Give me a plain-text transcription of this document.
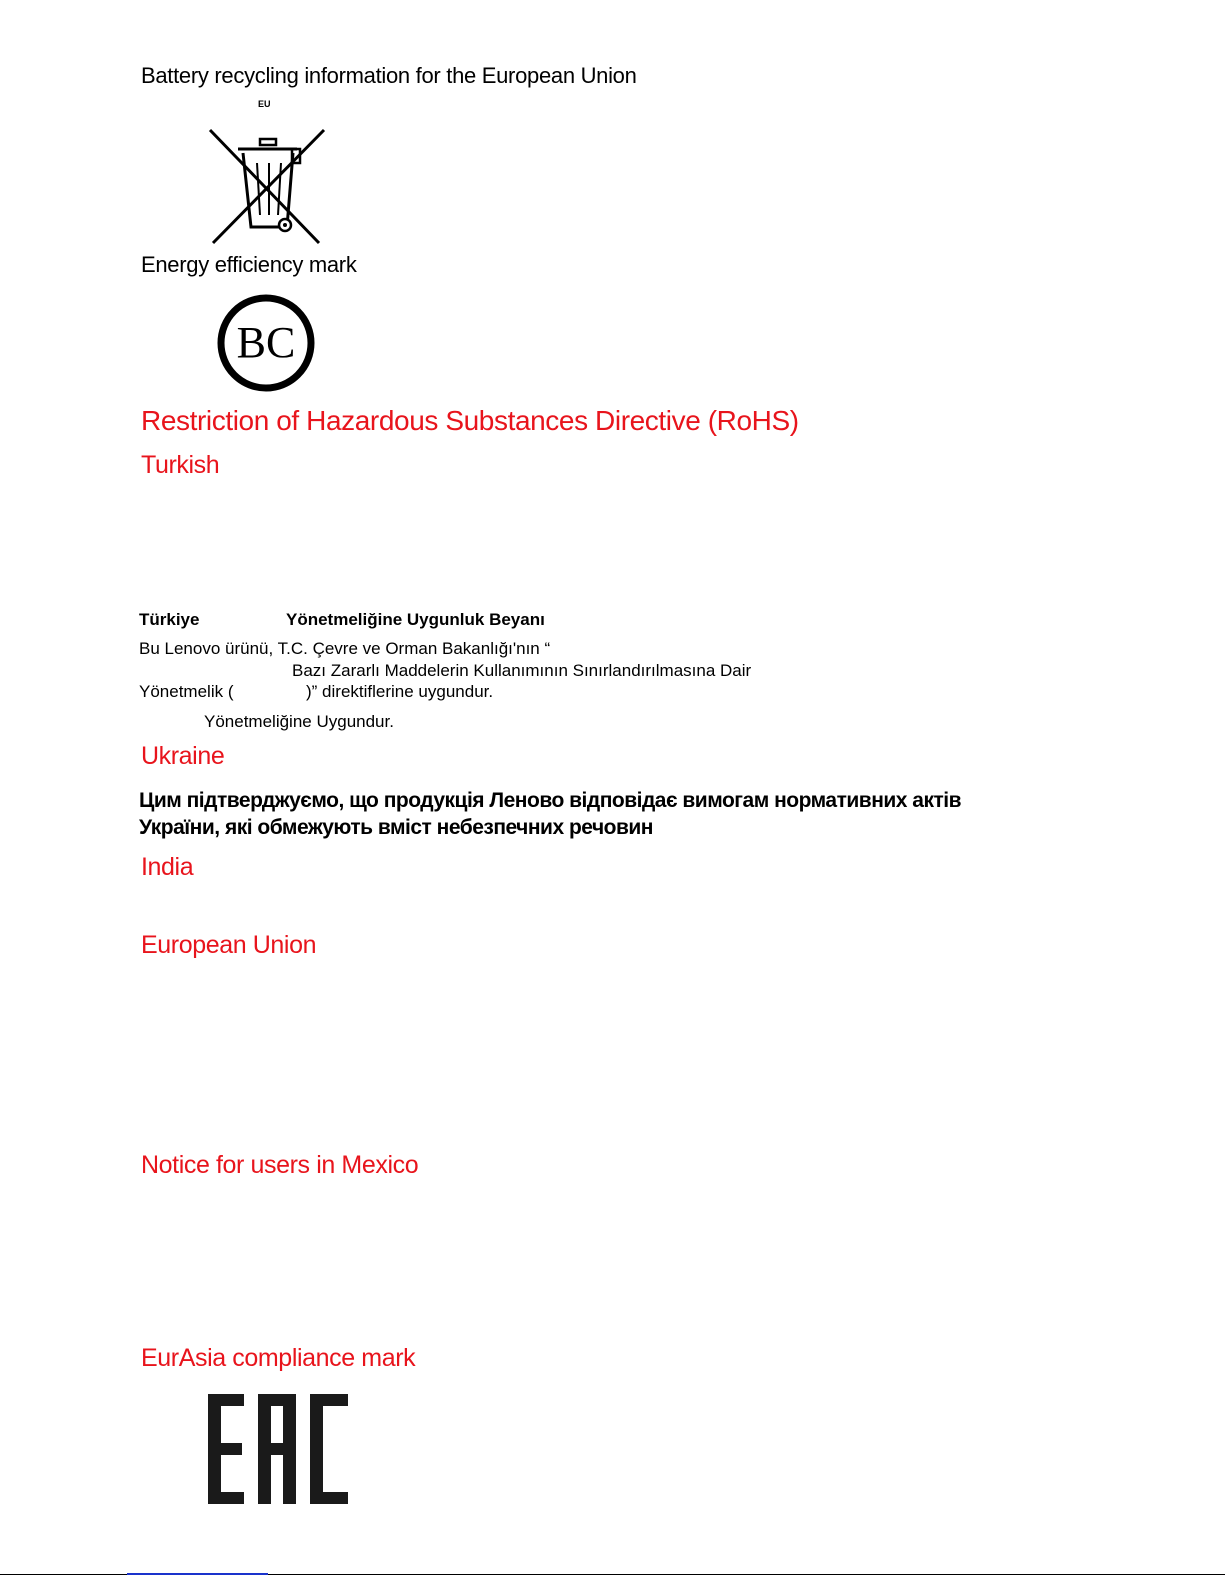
Battery recycling information for the European Union
EU
Energy efficiency mark
BC
Restriction of Hazardous Substances Directive (RoHS)
Turkish
Türkiye	Yönetmeliğine Uygunluk Beyanı
Bu Lenovo ürünü, T.C. Çevre ve Orman Bakanlığı'nın “
Bazı Zararlı Maddelerin Kullanımının Sınırlandırılmasına Dair
Yönetmelik (	)” direktiflerine uygundur.
Yönetmeliğine Uygundur.
Ukraine
Цим підтверджуємо, що продукція Леново відповідає вимогам нормативних актів
України, які обмежують вміст небезпечних речовин
India
European Union
Notice for users in Mexico
EurAsia compliance mark
